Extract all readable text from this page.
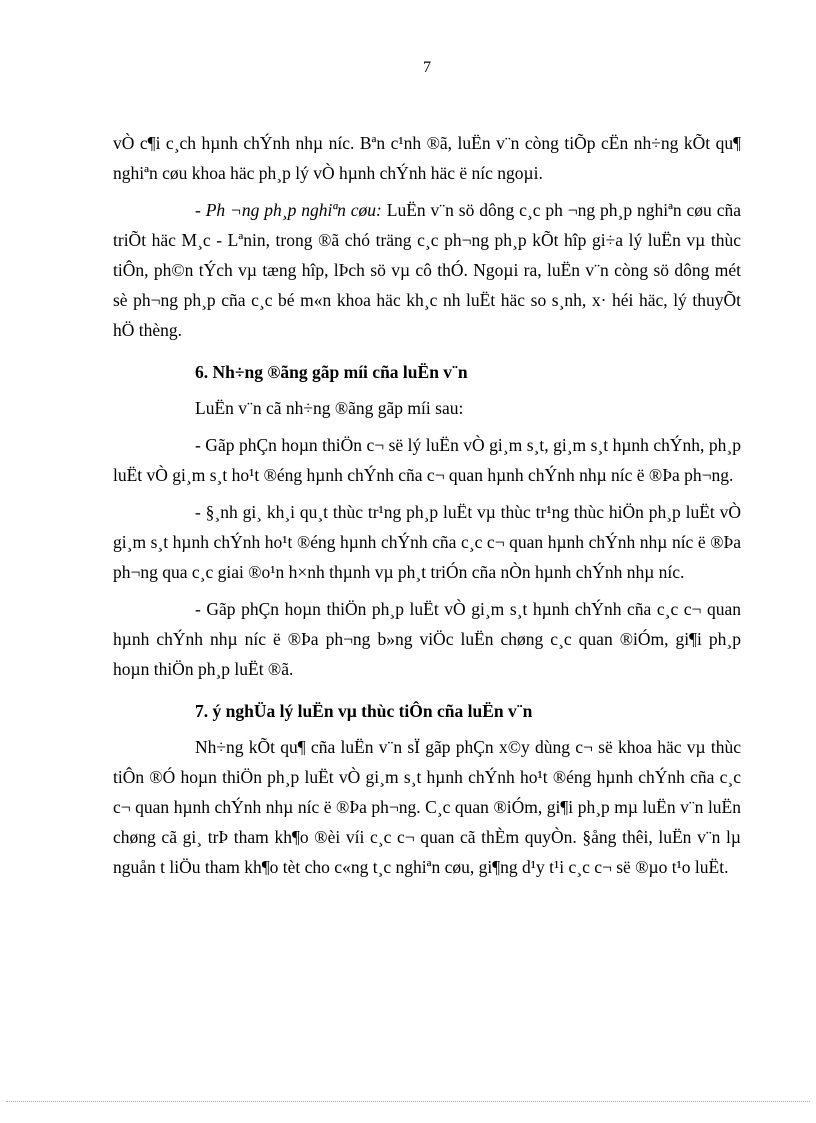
7

vÒ c¶i c¸ch hµnh chÝnh nhµ níc. Bªn c¹nh ®ã, luËn v¨n còng tiÕp cËn nh÷ng kÕt qu¶ nghiªn cøu khoa häc ph¸p lý vÒ hµnh chÝnh häc ë níc ngoµi.

- Ph ¬ng ph¸p nghiªn cøu: LuËn v¨n sö dông c¸c ph ¬ng ph¸p nghiªn cøu cña triÕt häc M¸c - Lªnin, trong ®ã chó träng c¸c ph¬ng ph¸p kÕt hîp gi÷a lý luËn vµ thùc tiÔn, ph©n tÝch vµ tæng hîp, lÞch sö vµ cô thÓ. Ngoµi ra, luËn v¨n còng sö dông mét sè ph¬ng ph¸p cña c¸c bé m«n khoa häc kh¸c nh luËt häc so s¸nh, x· héi häc, lý thuyÕt hÖ thèng.

6. Nh÷ng ®ãng gãp míi cña luËn v¨n

LuËn v¨n cã nh÷ng ®ãng gãp míi sau:

- Gãp phÇn hoµn thiÖn c¬ së lý luËn vÒ gi¸m s¸t, gi¸m s¸t hµnh chÝnh, ph¸p luËt vÒ gi¸m s¸t ho¹t ®éng hµnh chÝnh cña c¬ quan hµnh chÝnh nhµ níc ë ®Þa ph¬ng.

- §¸nh gi¸ kh¸i qu¸t thùc tr¹ng ph¸p luËt vµ thùc tr¹ng thùc hiÖn ph¸p luËt vÒ gi¸m s¸t hµnh chÝnh ho¹t ®éng hµnh chÝnh cña c¸c c¬ quan hµnh chÝnh nhµ níc ë ®Þa ph¬ng qua c¸c giai ®o¹n h×nh thµnh vµ ph¸t triÓn cña nÒn hµnh chÝnh nhµ níc.

- Gãp phÇn hoµn thiÖn ph¸p luËt vÒ gi¸m s¸t hµnh chÝnh cña c¸c c¬ quan hµnh chÝnh nhµ níc ë ®Þa ph¬ng b»ng viÖc luËn chøng c¸c quan ®iÓm, gi¶i ph¸p hoµn thiÖn ph¸p luËt ®ã.

7. ý nghÜa lý luËn vµ thùc tiÔn cña luËn v¨n

Nh÷ng kÕt qu¶ cña luËn v¨n sÏ gãp phÇn x©y dùng c¬ së khoa häc vµ thùc tiÔn ®Ó hoµn thiÖn ph¸p luËt vÒ gi¸m s¸t hµnh chÝnh ho¹t ®éng hµnh chÝnh cña c¸c c¬ quan hµnh chÝnh nhµ níc ë ®Þa ph¬ng. C¸c quan ®iÓm, gi¶i ph¸p mµ luËn v¨n luËn chøng cã gi¸ trÞ tham kh¶o ®èi víi c¸c c¬ quan cã thÈm quyÒn. §ång thêi, luËn v¨n lµ nguån t liÖu tham kh¶o tèt cho c«ng t¸c nghiªn cøu, gi¶ng d¹y t¹i c¸c c¬ së ®µo t¹o luËt.
